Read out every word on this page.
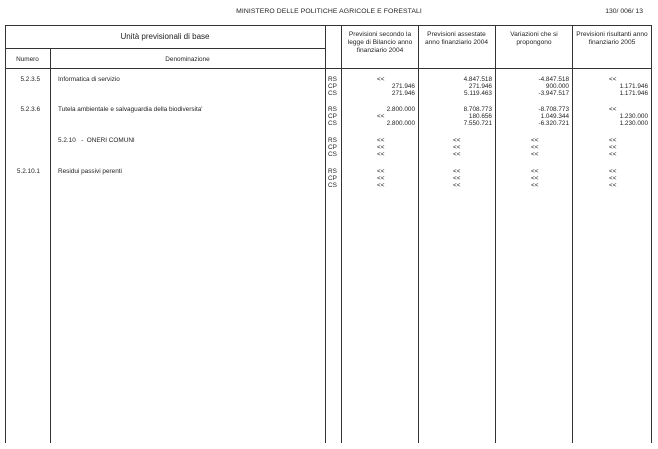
MINISTERO DELLE POLITICHE AGRICOLE E FORESTALI	130/ 006/ 13
Unità previsionali di base
Numero	Denominazione
Previsioni secondo la legge di Bilancio anno finanziario 2004
Previsioni assestate anno finanziario 2004
Variazioni che si propongono
Previsioni risultanti anno finanziario 2005
5.2.3.5	Informatica di servizio	RS	<<	4.847.518	-4.847.518	<<
CP	271.946	271.946	900.000	1.171.946
CS	271.946	5.119.463	-3.947.517	1.171.946
5.2.3.6	Tutela ambientale e salvaguardia della biodiversita'	RS	2.800.000	8.708.773	-8.708.773	<<
CP	<<	180.656	1.049.344	1.230.000
CS	2.800.000	7.550.721	-6.320.721	1.230.000
5.2.10   -  ONERI COMUNI	RS	<<	<<	<<	<<
CP	<<	<<	<<	<<
CS	<<	<<	<<	<<
5.2.10.1	Residui passivi perenti	RS	<<	<<	<<	<<
CP	<<	<<	<<	<<
CS	<<	<<	<<	<<
